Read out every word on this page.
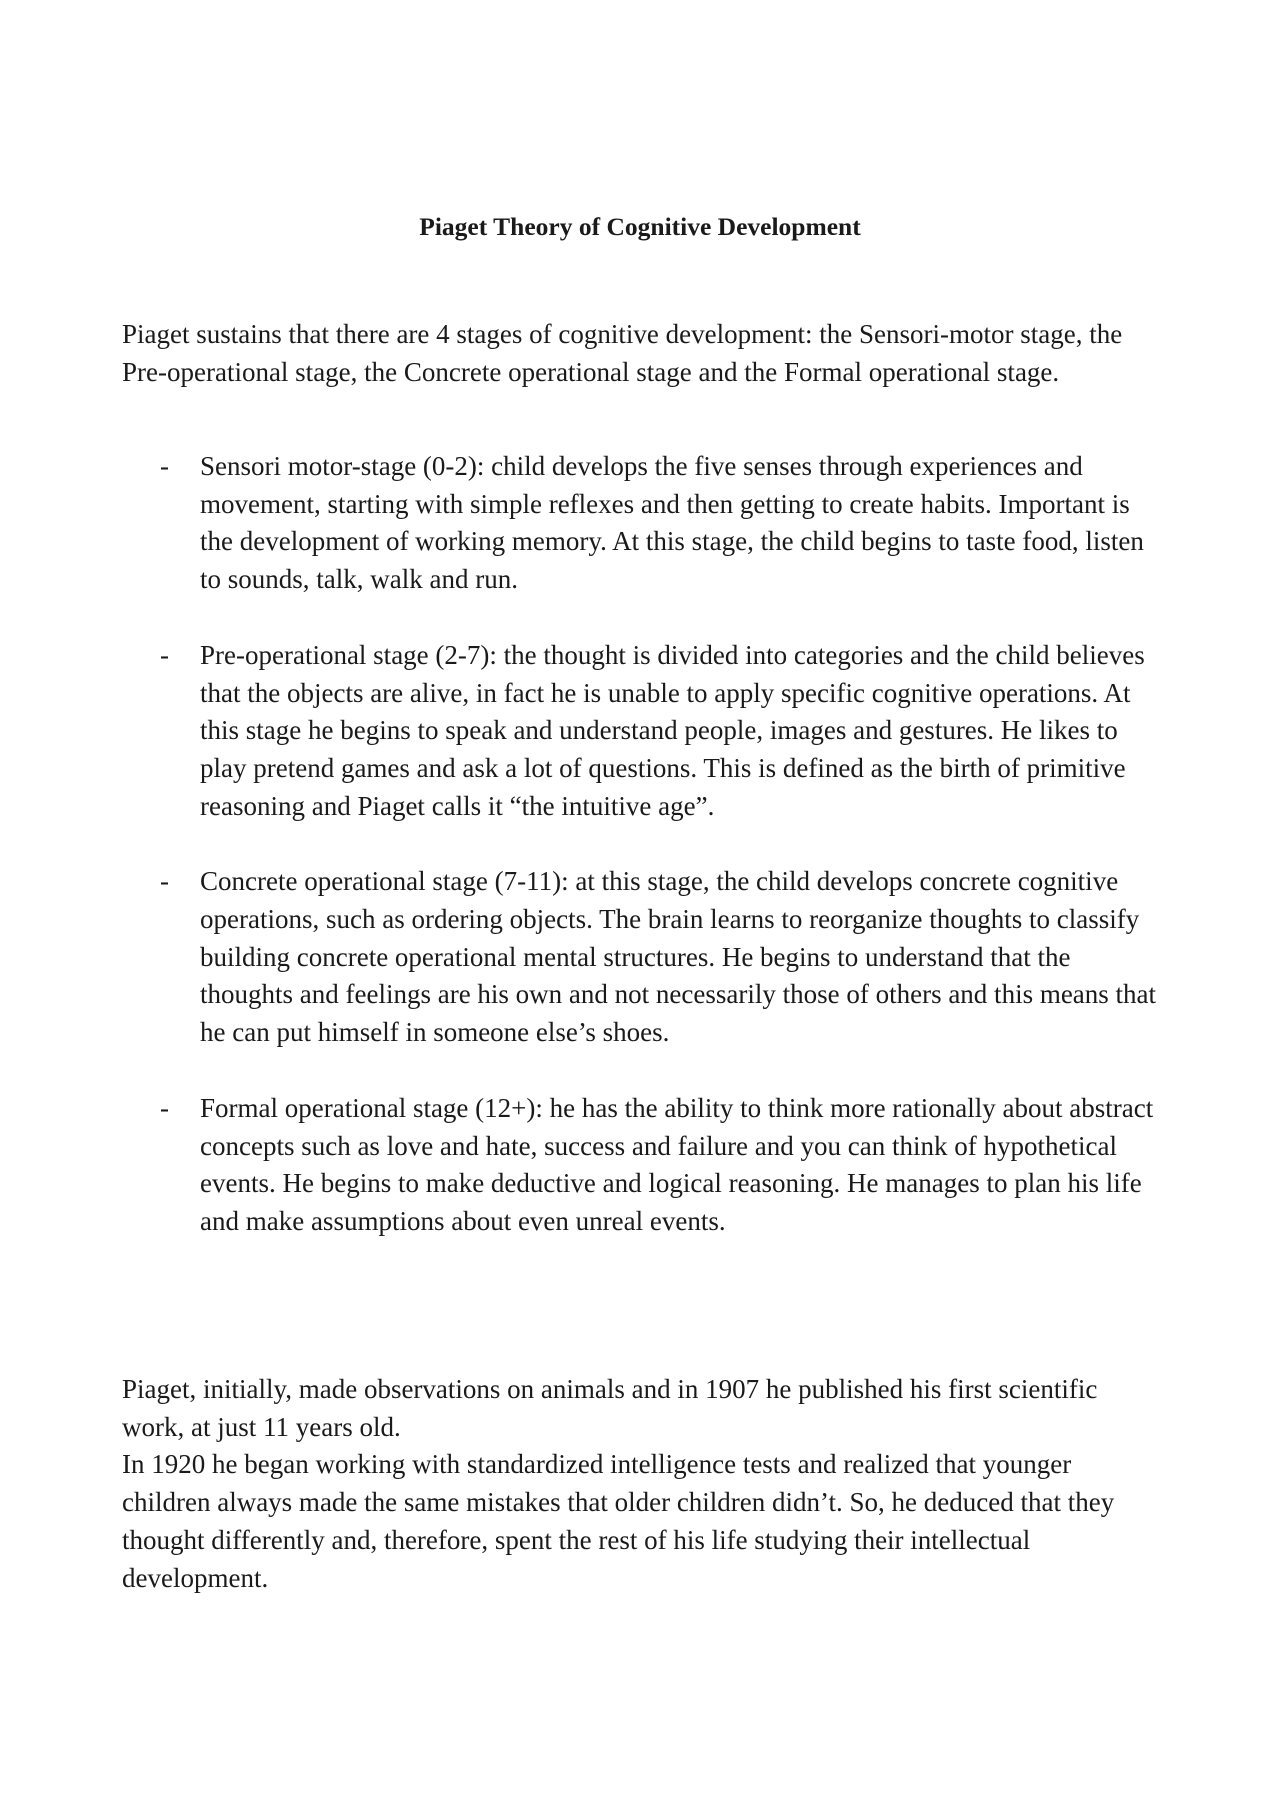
Piaget Theory of Cognitive Development

Piaget sustains that there are 4 stages of cognitive development: the Sensori-motor stage, the Pre-operational stage, the Concrete operational stage and the Formal operational stage.

- Sensori motor-stage (0-2): child develops the five senses through experiences and movement, starting with simple reflexes and then getting to create habits. Important is the development of working memory. At this stage, the child begins to taste food, listen to sounds, talk, walk and run.
- Pre-operational stage (2-7): the thought is divided into categories and the child believes that the objects are alive, in fact he is unable to apply specific cognitive operations. At this stage he begins to speak and understand people, images and gestures. He likes to play pretend games and ask a lot of questions. This is defined as the birth of primitive reasoning and Piaget calls it “the intuitive age”.
- Concrete operational stage (7-11): at this stage, the child develops concrete cognitive operations, such as ordering objects. The brain learns to reorganize thoughts to classify building concrete operational mental structures. He begins to understand that the thoughts and feelings are his own and not necessarily those of others and this means that he can put himself in someone else’s shoes.
- Formal operational stage (12+): he has the ability to think more rationally about abstract concepts such as love and hate, success and failure and you can think of hypothetical events. He begins to make deductive and logical reasoning. He manages to plan his life and make assumptions about even unreal events.

Piaget, initially, made observations on animals and in 1907 he published his first scientific work, at just 11 years old.

In 1920 he began working with standardized intelligence tests and realized that younger children always made the same mistakes that older children didn’t. So, he deduced that they thought differently and, therefore, spent the rest of his life studying their intellectual development.
